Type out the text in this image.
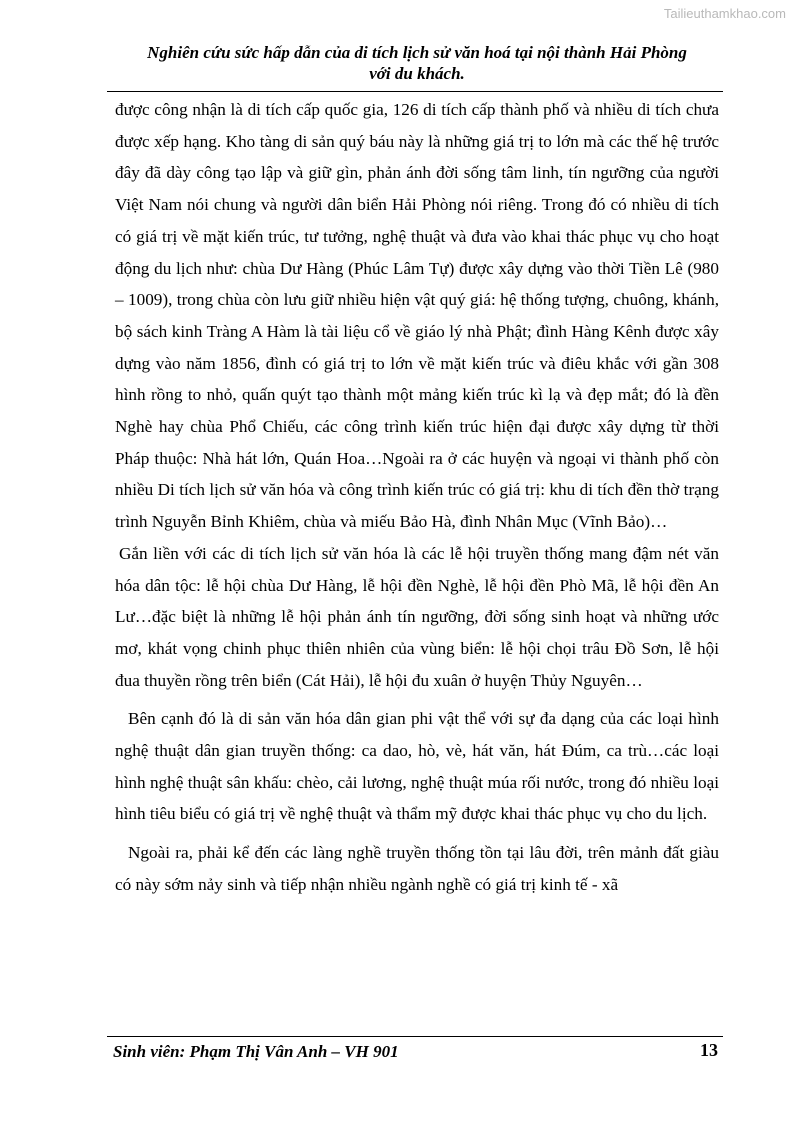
Tailieuthamkhao.com
Nghiên cứu sức hấp dẫn của di tích lịch sử văn hoá tại nội thành Hải Phòng
với du khách.

được công nhận là di tích cấp quốc gia, 126 di tích cấp thành phố và nhiều di tích chưa được xếp hạng. Kho tàng di sản quý báu này là những giá trị to lớn mà các thế hệ trước đây đã dày công tạo lập và giữ gìn, phản ánh đời sống tâm linh, tín ngưỡng của người Việt Nam nói chung và người dân biển Hải Phòng nói riêng. Trong đó có nhiều di tích có giá trị về mặt kiến trúc, tư tưởng, nghệ thuật và đưa vào khai thác phục vụ cho hoạt động du lịch như: chùa Dư Hàng (Phúc Lâm Tự) được xây dựng vào thời Tiền Lê (980 – 1009), trong chùa còn lưu giữ nhiều hiện vật quý giá: hệ thống tượng, chuông, khánh, bộ sách kinh Tràng A Hàm là tài liệu cổ về giáo lý nhà Phật; đình Hàng Kênh được xây dựng vào năm 1856, đình có giá trị to lớn về mặt kiến trúc và điêu khắc với gần 308 hình rồng to nhỏ, quấn quýt tạo thành một mảng kiến trúc kì lạ và đẹp mắt; đó là đền Nghè hay chùa Phổ Chiếu, các công trình kiến trúc hiện đại được xây dựng từ thời Pháp thuộc: Nhà hát lớn, Quán Hoa…Ngoài ra ở các huyện và ngoại vi thành phố còn nhiều Di tích lịch sử văn hóa và công trình kiến trúc có giá trị: khu di tích đền thờ trạng trình Nguyễn Bỉnh Khiêm, chùa và miếu Bảo Hà, đình Nhân Mục (Vĩnh Bảo)…

Gắn liền với các di tích lịch sử văn hóa là các lễ hội truyền thống mang đậm nét văn hóa dân tộc: lễ hội chùa Dư Hàng, lễ hội đền Nghè, lễ hội đền Phò Mã, lễ hội đền An Lư…đặc biệt là những lễ hội phản ánh tín ngưỡng, đời sống sinh hoạt và những ước mơ, khát vọng chinh phục thiên nhiên của vùng biển: lễ hội chọi trâu Đồ Sơn, lễ hội đua thuyền rồng trên biển (Cát Hải), lễ hội đu xuân ở huyện Thủy Nguyên…

Bên cạnh đó là di sản văn hóa dân gian phi vật thể với sự đa dạng của các loại hình nghệ thuật dân gian truyền thống: ca dao, hò, vè, hát văn, hát Đúm, ca trù…các loại hình nghệ thuật sân khấu: chèo, cải lương, nghệ thuật múa rối nước, trong đó nhiều loại hình tiêu biểu có giá trị về nghệ thuật và thẩm mỹ được khai thác phục vụ cho du lịch.

Ngoài ra, phải kể đến các làng nghề truyền thống tồn tại lâu đời, trên mảnh đất giàu có này sớm nảy sinh và tiếp nhận nhiều ngành nghề có giá trị kinh tế - xã

Sinh viên: Phạm Thị Vân Anh – VH 901	13
